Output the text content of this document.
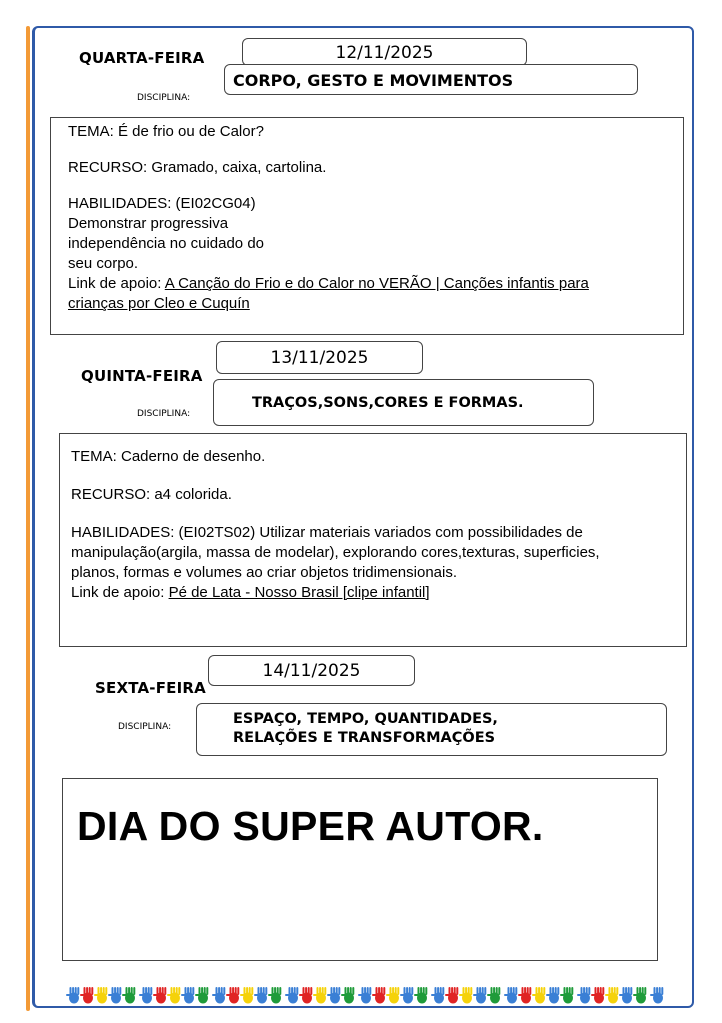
QUARTA-FEIRA	12/11/2025
CORPO, GESTO E MOVIMENTOS
DISCIPLINA:

TEMA: É de frio ou de Calor?

RECURSO: Gramado, caixa, cartolina.

HABILIDADES: (EI02CG04)

Demonstrar progressiva

independência no cuidado do

seu corpo.

Link de apoio: A Canção do Frio e do Calor no VERÃO | Canções infantis para

crianças por Cleo e Cuquín

13/11/2025
QUINTA-FEIRA
TRAÇOS,SONS,CORES E FORMAS.
DISCIPLINA:

TEMA: Caderno de desenho.

RECURSO: a4 colorida.

HABILIDADES: (EI02TS02) Utilizar materiais variados com possibilidades de

manipulação(argila, massa de modelar), explorando cores,texturas, superficies,

planos, formas e volumes ao criar objetos tridimensionais.

Link de apoio: Pé de Lata - Nosso Brasil [clipe infantil]

14/11/2025
SEXTA-FEIRA
ESPAÇO, TEMPO, QUANTIDADES,
RELAÇÕES E TRANSFORMAÇÕES
DISCIPLINA:
DIA DO SUPER AUTOR.
